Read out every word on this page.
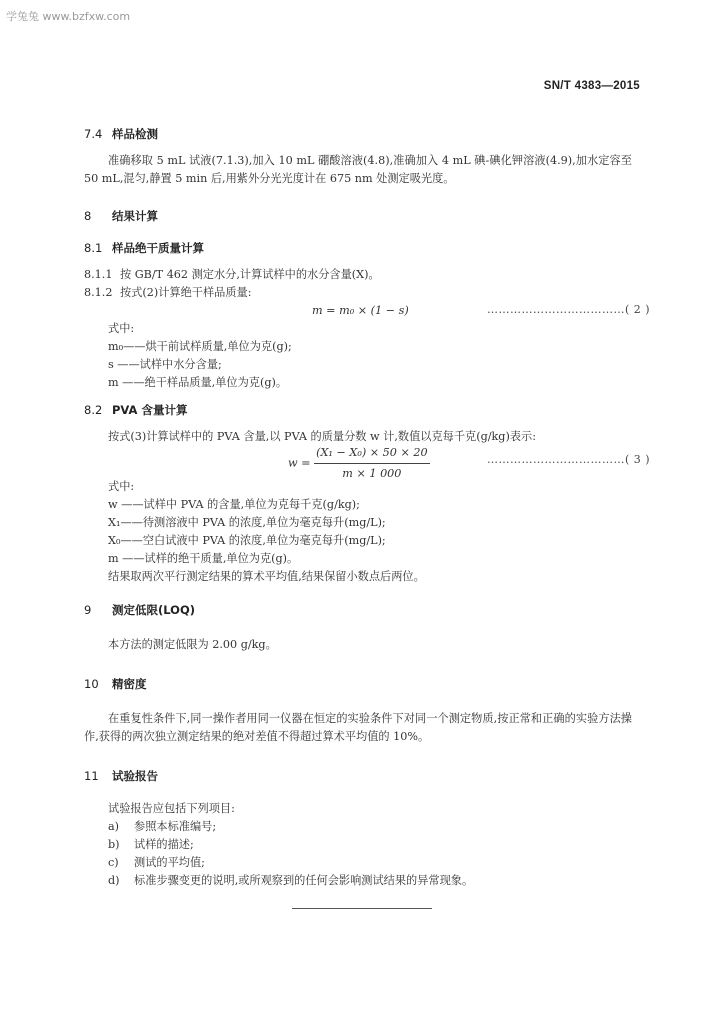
学兔兔 www.bzfxw.com
SN/T 4383—2015
7.4 样品检测
准确移取 5 mL 试液(7.1.3),加入 10 mL 硼酸溶液(4.8),准确加入 4 mL 碘-碘化钾溶液(4.9),加水定容至 50 mL,混匀,静置 5 min 后,用紫外分光光度计在 675 nm 处测定吸光度。
8 结果计算
8.1 样品绝干质量计算
8.1.1 按 GB/T 462 测定水分,计算试样中的水分含量(X)。
8.1.2 按式(2)计算绝干样品质量:
m = m₀ × (1 − s)	………………………………( 2 )
式中:
m₀——烘干前试样质量,单位为克(g);
s ——试样中水分含量;
m ——绝干样品质量,单位为克(g)。
8.2 PVA 含量计算
按式(3)计算试样中的 PVA 含量,以 PVA 的质量分数 w 计,数值以克每千克(g/kg)表示:
$w = \frac{\text{(X₁ − X₀) × 50 × 20}}{m \times 1 000}$	………………………………( 3 )
式中:
w ——试样中 PVA 的含量,单位为克每千克(g/kg);
X₁——待测溶液中 PVA 的浓度,单位为毫克每升(mg/L);
X₀——空白试液中 PVA 的浓度,单位为毫克每升(mg/L);
m ——试样的绝干质量,单位为克(g)。
结果取两次平行测定结果的算术平均值,结果保留小数点后两位。
9 测定低限(LOQ)
本方法的测定低限为 2.00 g/kg。
10 精密度
在重复性条件下,同一操作者用同一仪器在恒定的实验条件下对同一个测定物质,按正常和正确的实验方法操作,获得的两次独立测定结果的绝对差值不得超过算术平均值的 10%。
11 试验报告
试验报告应包括下列项目:
a) 参照本标准编号;
b) 试样的描述;
c) 测试的平均值;
d) 标准步骤变更的说明,或所观察到的任何会影响测试结果的异常现象。
